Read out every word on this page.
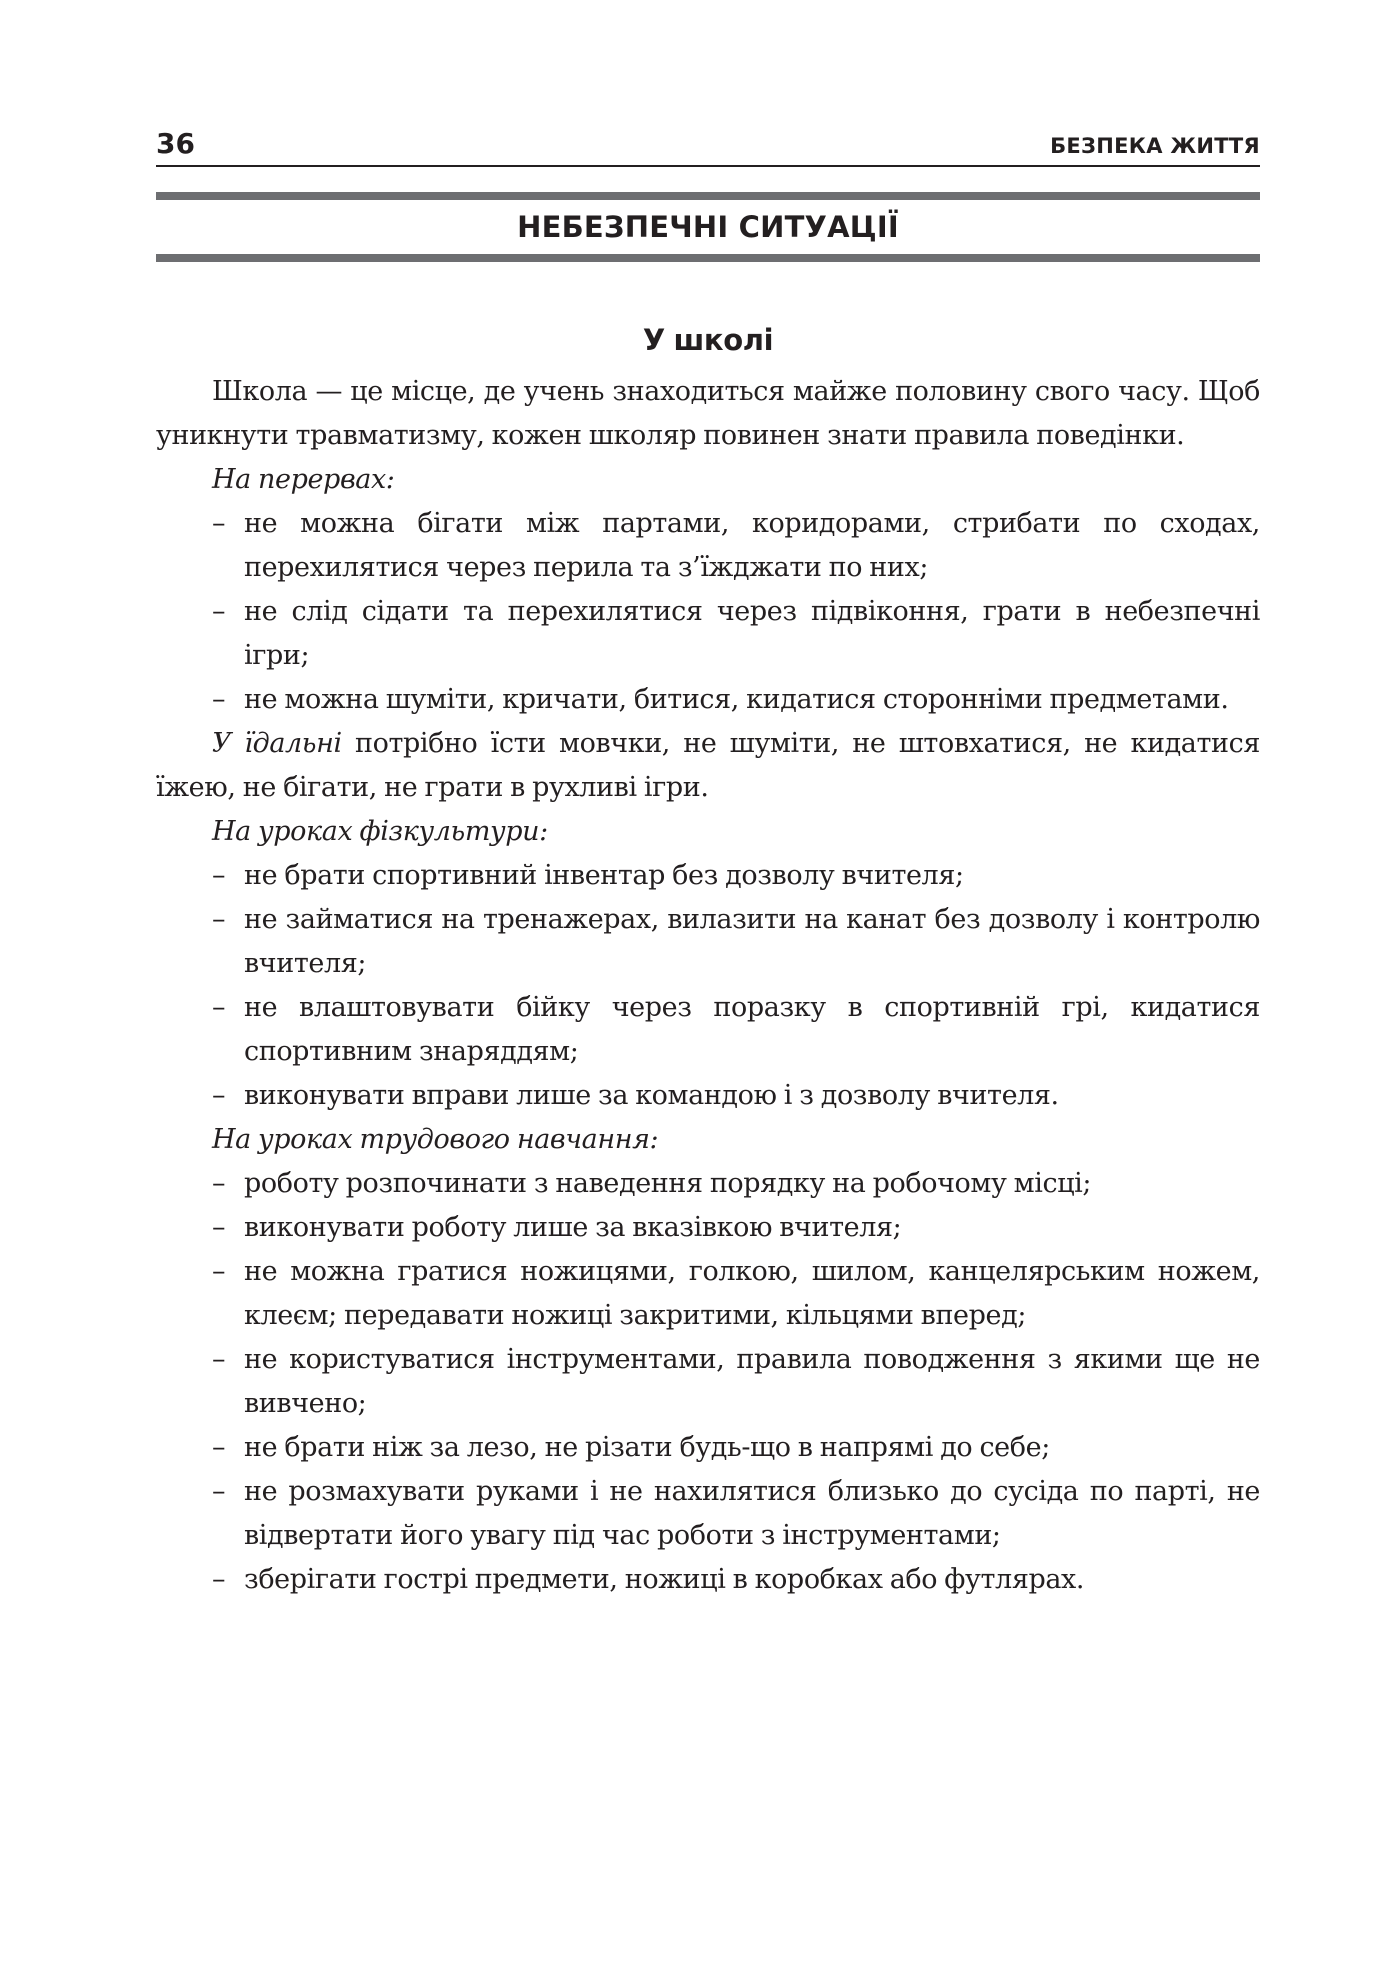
36	БЕЗПЕКА ЖИТТЯ
НЕБЕЗПЕЧНІ СИТУАЦІЇ
У школі

Школа — це місце, де учень знаходиться майже половину свого часу. Щоб уникнути травматизму, кожен школяр повинен знати правила поведінки.

На перервах:

– не можна бігати між партами, коридорами, стрибати по сходах, перехилятися через перила та з’їжджати по них;
– не слід сідати та перехилятися через підвіконня, грати в небезпечні ігри;
– не можна шуміти, кричати, битися, кидатися сторонніми предметами.

У їдальні потрібно їсти мовчки, не шуміти, не штовхатися, не кидатися їжею, не бігати, не грати в рухливі ігри.

На уроках фізкультури:

– не брати спортивний інвентар без дозволу вчителя;
– не займатися на тренажерах, вилазити на канат без дозволу і контролю вчителя;
– не влаштовувати бійку через поразку в спортивній грі, кидатися спортивним знаряддям;
– виконувати вправи лише за командою і з дозволу вчителя.

На уроках трудового навчання:

– роботу розпочинати з наведення порядку на робочому місці;
– виконувати роботу лише за вказівкою вчителя;
– не можна гратися ножицями, голкою, шилом, канцелярським ножем, клеєм; передавати ножиці закритими, кільцями вперед;
– не користуватися інструментами, правила поводження з якими ще не вивчено;
– не брати ніж за лезо, не різати будь-що в напрямі до себе;
– не розмахувати руками і не нахилятися близько до сусіда по парті, не відвертати його увагу під час роботи з інструментами;
– зберігати гострі предмети, ножиці в коробках або футлярах.
